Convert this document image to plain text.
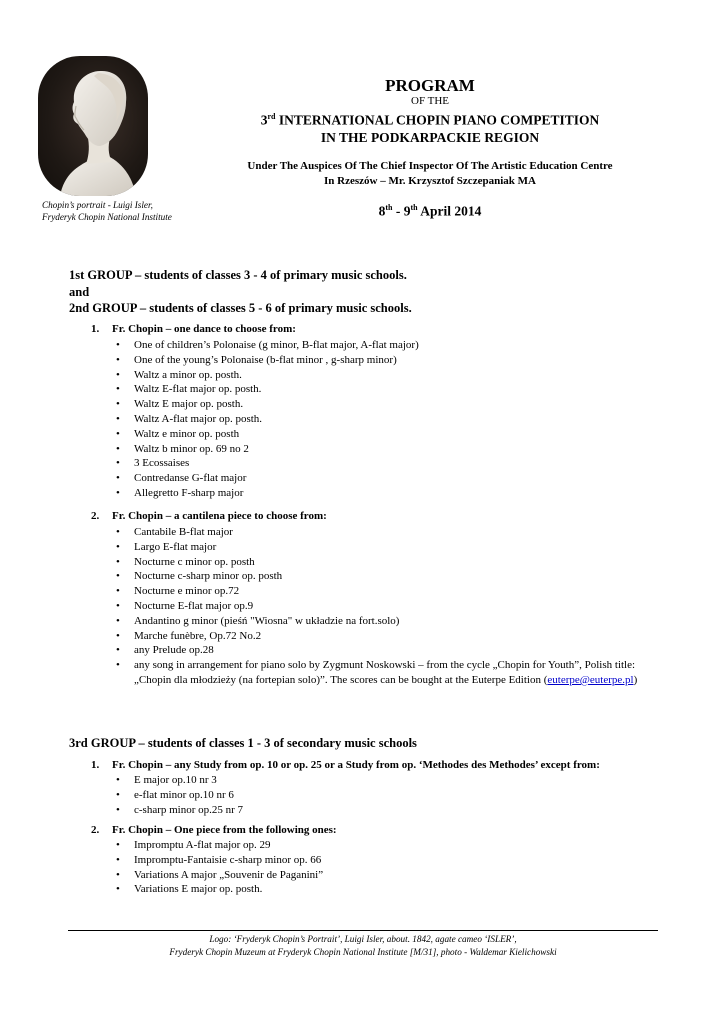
Chopin’s portrait - Luigi Isler,
Fryderyk Chopin National Institute
PROGRAM
OF THE
3rd INTERNATIONAL CHOPIN PIANO COMPETITION
IN THE PODKARPACKIE REGION
Under The Auspices Of The Chief Inspector Of The Artistic Education Centre
In Rzeszów – Mr. Krzysztof Szczepaniak MA
8th - 9th April 2014
1st GROUP – students of classes 3 - 4 of primary music schools.
and
2nd GROUP – students of classes 5 - 6 of primary music schools.
1. Fr. Chopin – one dance to choose from:
• One of children’s Polonaise (g minor, B-flat major, A-flat major)
• One of the young’s Polonaise (b-flat minor , g-sharp minor)
• Waltz a minor op. posth.
• Waltz E-flat major op. posth.
• Waltz E major op. posth.
• Waltz A-flat major op. posth.
• Waltz e minor op. posth
• Waltz b minor op. 69 no 2
• 3 Ecossaises
• Contredanse G-flat major
• Allegretto F-sharp major
2. Fr. Chopin – a cantilena piece to choose from:
• Cantabile B-flat major
• Largo E-flat major
• Nocturne c minor op. posth
• Nocturne c-sharp minor op. posth
• Nocturne e minor op.72
• Nocturne E-flat major op.9
• Andantino g minor (pieśń "Wiosna" w układzie na fort.solo)
• Marche funèbre, Op.72 No.2
• any Prelude op.28
• any song in arrangement for piano solo by Zygmunt Noskowski – from the cycle „Chopin for Youth”, Polish title: „Chopin dla młodzieży (na fortepian solo)”. The scores can be bought at the Euterpe Edition (euterpe@euterpe.pl)
3rd GROUP – students of classes 1 - 3 of secondary music schools
1. Fr. Chopin – any Study from op. 10 or op. 25 or a Study from op. ‘Methodes des Methodes’ except from:
• E major op.10 nr 3
• e-flat minor op.10 nr 6
• c-sharp minor op.25 nr 7
2. Fr. Chopin – One piece from the following ones:
• Impromptu A-flat major op. 29
• Impromptu-Fantaisie c-sharp minor op. 66
• Variations A major „Souvenir de Paganini”
• Variations E major op. posth.
Logo: ‘Fryderyk Chopin’s Portrait’, Luigi Isler, about. 1842, agate cameo ‘ISLER’,
Fryderyk Chopin Muzeum at Fryderyk Chopin National Institute [M/31], photo - Waldemar Kielichowski
